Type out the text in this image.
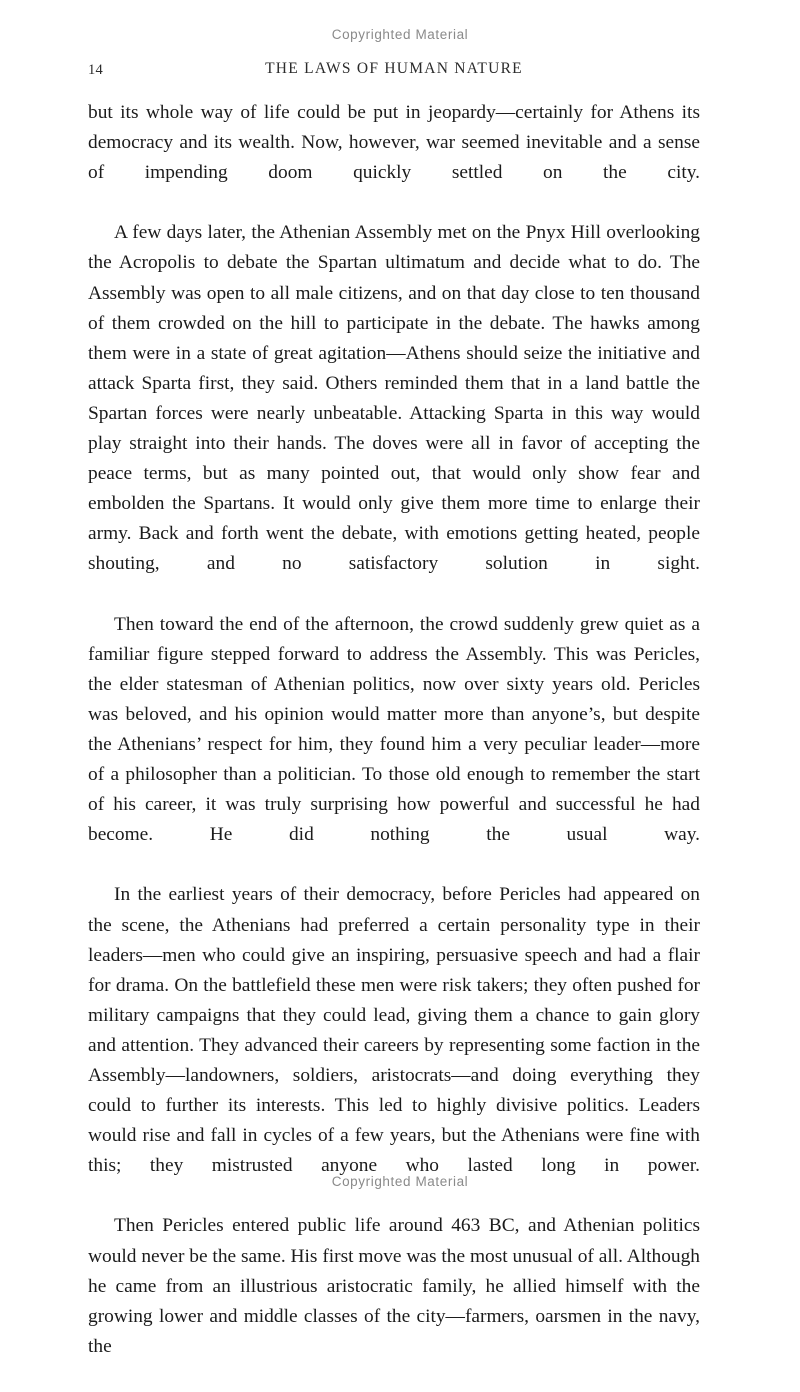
Copyrighted Material
14	THE LAWS OF HUMAN NATURE

but its whole way of life could be put in jeopardy—certainly for Athens its democracy and its wealth. Now, however, war seemed inevitable and a sense of impending doom quickly settled on the city.

A few days later, the Athenian Assembly met on the Pnyx Hill overlooking the Acropolis to debate the Spartan ultimatum and decide what to do. The Assembly was open to all male citizens, and on that day close to ten thousand of them crowded on the hill to participate in the debate. The hawks among them were in a state of great agitation—Athens should seize the initiative and attack Sparta first, they said. Others reminded them that in a land battle the Spartan forces were nearly unbeatable. Attacking Sparta in this way would play straight into their hands. The doves were all in favor of accepting the peace terms, but as many pointed out, that would only show fear and embolden the Spartans. It would only give them more time to enlarge their army. Back and forth went the debate, with emotions getting heated, people shouting, and no satisfactory solution in sight.

Then toward the end of the afternoon, the crowd suddenly grew quiet as a familiar figure stepped forward to address the Assembly. This was Pericles, the elder statesman of Athenian politics, now over sixty years old. Pericles was beloved, and his opinion would matter more than anyone’s, but despite the Athenians’ respect for him, they found him a very peculiar leader—more of a philosopher than a politician. To those old enough to remember the start of his career, it was truly surprising how powerful and successful he had become. He did nothing the usual way.

In the earliest years of their democracy, before Pericles had appeared on the scene, the Athenians had preferred a certain personality type in their leaders—men who could give an inspiring, persuasive speech and had a flair for drama. On the battlefield these men were risk takers; they often pushed for military campaigns that they could lead, giving them a chance to gain glory and attention. They advanced their careers by representing some faction in the Assembly—landowners, soldiers, aristocrats—and doing everything they could to further its interests. This led to highly divisive politics. Leaders would rise and fall in cycles of a few years, but the Athenians were fine with this; they mistrusted anyone who lasted long in power.

Then Pericles entered public life around 463 BC, and Athenian politics would never be the same. His first move was the most unusual of all. Although he came from an illustrious aristocratic family, he allied himself with the growing lower and middle classes of the city—farmers, oarsmen in the navy, the

Copyrighted Material
